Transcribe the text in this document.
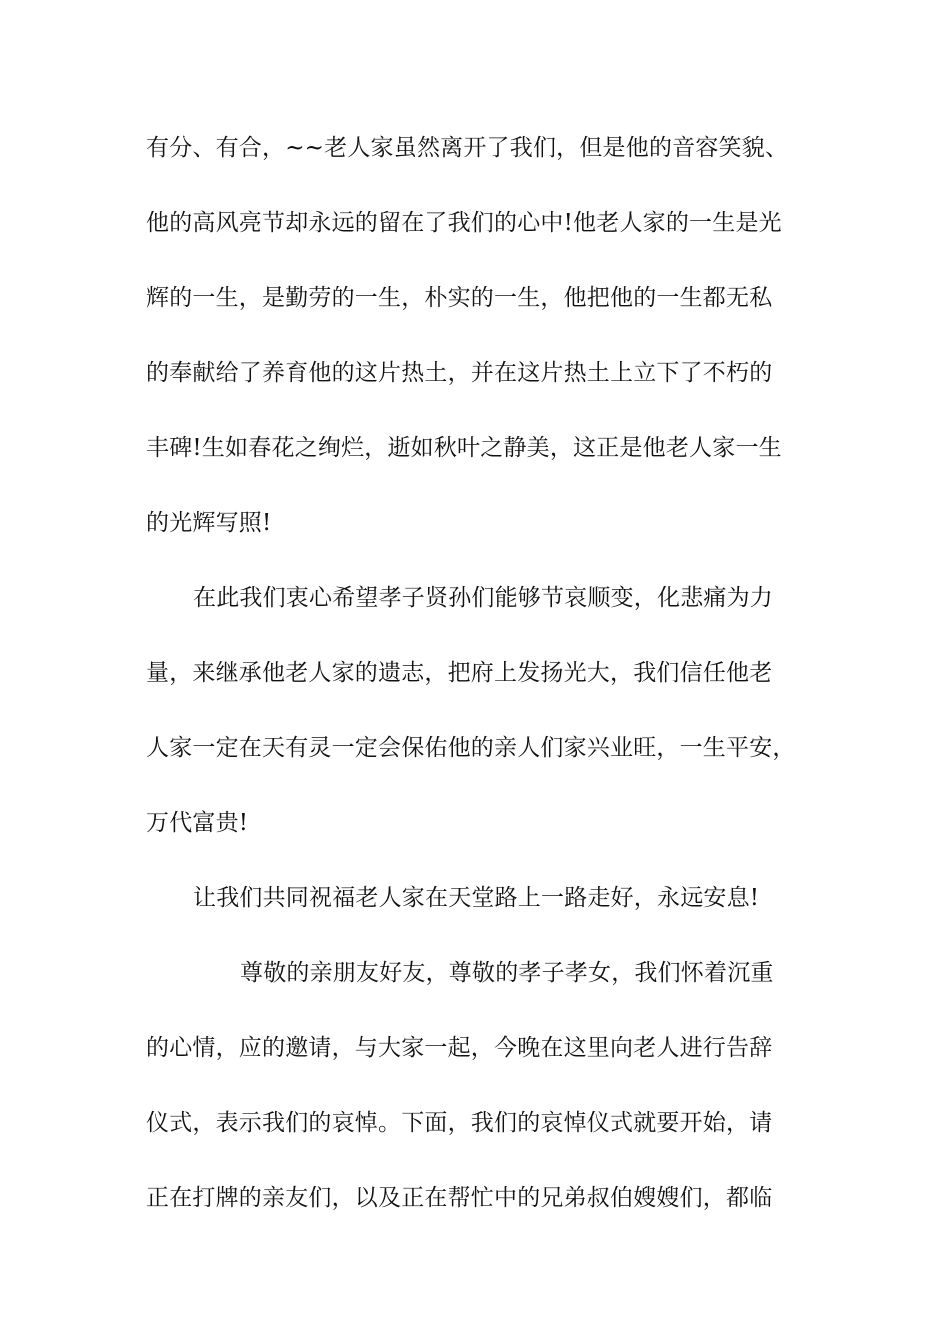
有分、有合，~~老人家虽然离开了我们，但是他的音容笑貌、
他的高风亮节却永远的留在了我们的心中!他老人家的一生是光
辉的一生，是勤劳的一生，朴实的一生，他把他的一生都无私
的奉献给了养育他的这片热土，并在这片热土上立下了不朽的
丰碑!生如春花之绚烂，逝如秋叶之静美，这正是他老人家一生
的光辉写照!
在此我们衷心希望孝子贤孙们能够节哀顺变，化悲痛为力
量，来继承他老人家的遗志，把府上发扬光大，我们信任他老
人家一定在天有灵一定会保佑他的亲人们家兴业旺，一生平安，
万代富贵!
让我们共同祝福老人家在天堂路上一路走好，永远安息!
尊敬的亲朋友好友，尊敬的孝子孝女，我们怀着沉重
的心情，应的邀请，与大家一起，今晚在这里向老人进行告辞
仪式，表示我们的哀悼。下面，我们的哀悼仪式就要开始，请
正在打牌的亲友们，以及正在帮忙中的兄弟叔伯嫂嫂们，都临
